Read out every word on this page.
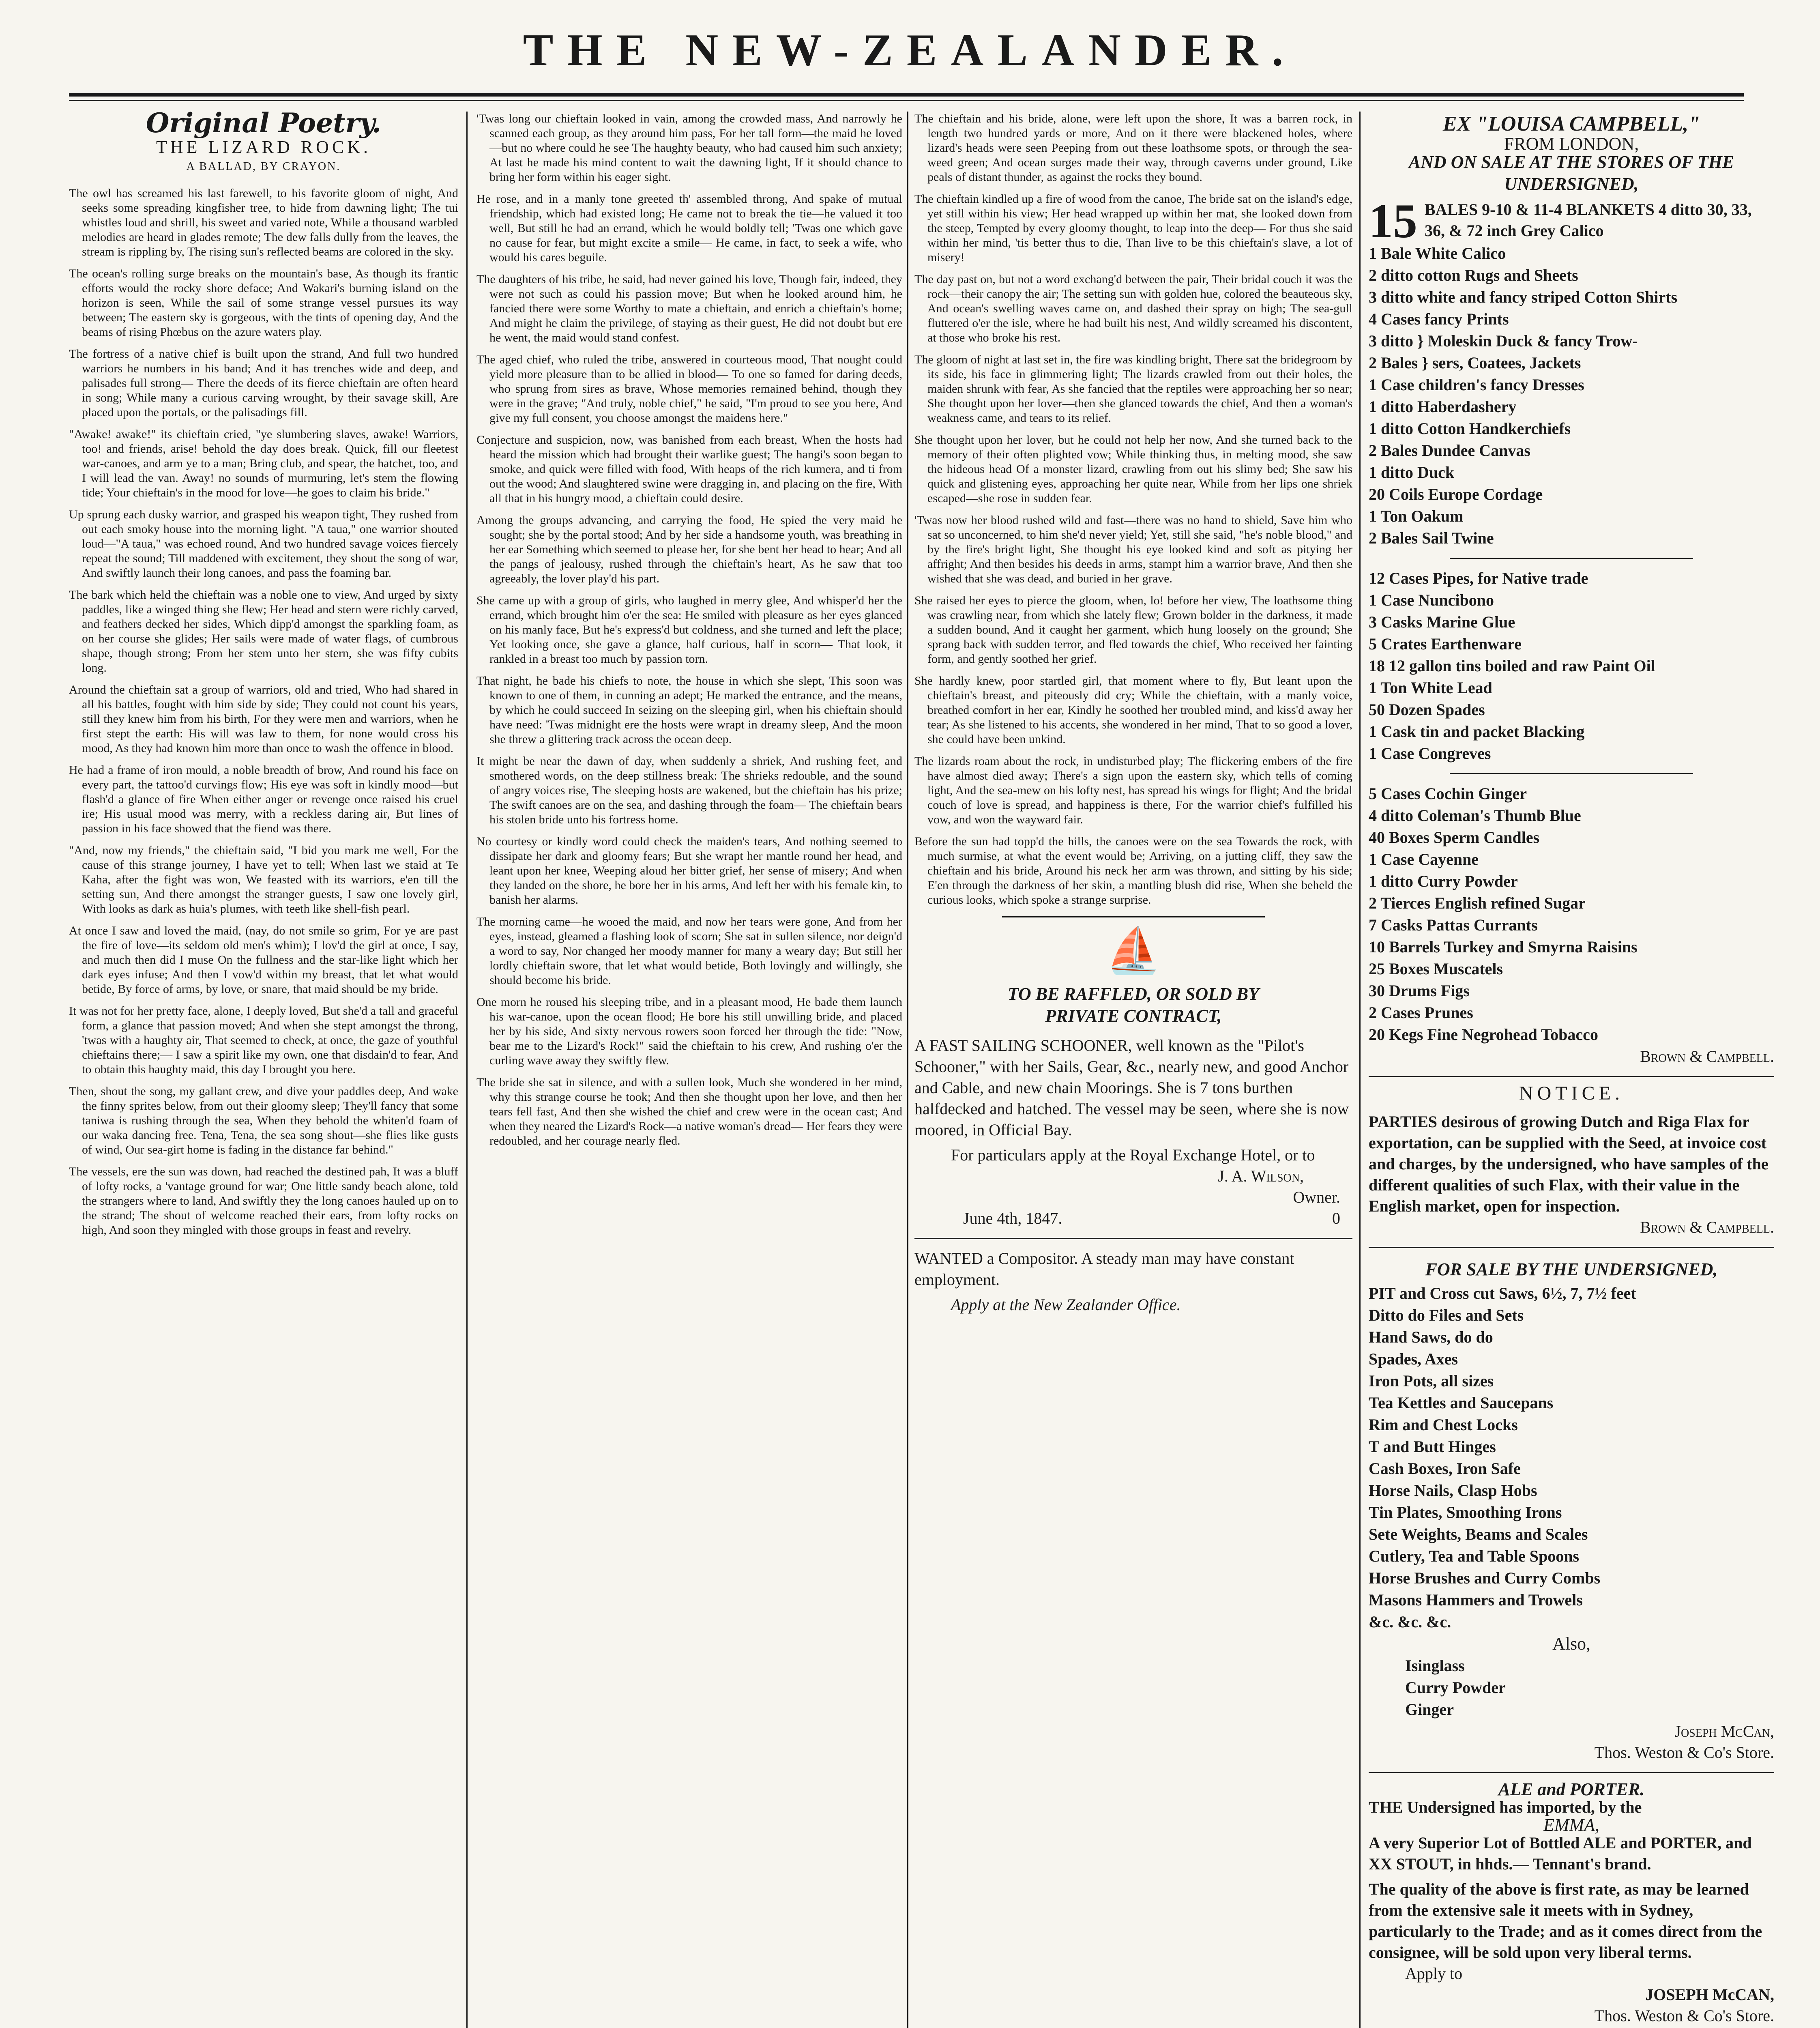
THE NEW-ZEALANDER.
Original Poetry.
THE LIZARD ROCK.
A BALLAD, BY CRAYON.
The owl has screamed his last farewell, to his favorite gloom of night, And seeks some spreading kingfisher tree, to hide from dawning light; The tui whistles loud and shrill, his sweet and varied note, While a thousand warbled melodies are heard in glades remote; The dew falls dully from the leaves, the stream is rippling by, The rising sun's reflected beams are colored in the sky.
The ocean's rolling surge breaks on the mountain's base, As though its frantic efforts would the rocky shore deface; And Wakari's burning island on the horizon is seen, While the sail of some strange vessel pursues its way between; The eastern sky is gorgeous, with the tints of opening day, And the beams of rising Phœbus on the azure waters play.
The fortress of a native chief is built upon the strand, And full two hundred warriors he numbers in his band; And it has trenches wide and deep, and palisades full strong— There the deeds of its fierce chieftain are often heard in song; While many a curious carving wrought, by their savage skill, Are placed upon the portals, or the palisadings fill.
"Awake! awake!" its chieftain cried, "ye slumbering slaves, awake! Warriors, too! and friends, arise! behold the day does break. Quick, fill our fleetest war-canoes, and arm ye to a man; Bring club, and spear, the hatchet, too, and I will lead the van. Away! no sounds of murmuring, let's stem the flowing tide; Your chieftain's in the mood for love—he goes to claim his bride."
Up sprung each dusky warrior, and grasped his weapon tight, They rushed from out each smoky house into the morning light. "A taua," one warrior shouted loud—"A taua," was echoed round, And two hundred savage voices fiercely repeat the sound; Till maddened with excitement, they shout the song of war, And swiftly launch their long canoes, and pass the foaming bar.
The bark which held the chieftain was a noble one to view, And urged by sixty paddles, like a winged thing she flew; Her head and stern were richly carved, and feathers decked her sides, Which dipp'd amongst the sparkling foam, as on her course she glides; Her sails were made of water flags, of cumbrous shape, though strong; From her stem unto her stern, she was fifty cubits long.
Around the chieftain sat a group of warriors, old and tried, Who had shared in all his battles, fought with him side by side; They could not count his years, still they knew him from his birth, For they were men and warriors, when he first stept the earth: His will was law to them, for none would cross his mood, As they had known him more than once to wash the offence in blood.
He had a frame of iron mould, a noble breadth of brow, And round his face on every part, the tattoo'd curvings flow; His eye was soft in kindly mood—but flash'd a glance of fire When either anger or revenge once raised his cruel ire; His usual mood was merry, with a reckless daring air, But lines of passion in his face showed that the fiend was there.
"And, now my friends," the chieftain said, "I bid you mark me well, For the cause of this strange journey, I have yet to tell; When last we staid at Te Kaha, after the fight was won, We feasted with its warriors, e'en till the setting sun, And there amongst the stranger guests, I saw one lovely girl, With looks as dark as huia's plumes, with teeth like shell-fish pearl.
At once I saw and loved the maid, (nay, do not smile so grim, For ye are past the fire of love—its seldom old men's whim); I lov'd the girl at once, I say, and much then did I muse On the fullness and the star-like light which her dark eyes infuse; And then I vow'd within my breast, that let what would betide, By force of arms, by love, or snare, that maid should be my bride.
It was not for her pretty face, alone, I deeply loved, But she'd a tall and graceful form, a glance that passion moved; And when she stept amongst the throng, 'twas with a haughty air, That seemed to check, at once, the gaze of youthful chieftains there;— I saw a spirit like my own, one that disdain'd to fear, And to obtain this haughty maid, this day I brought you here.
Then, shout the song, my gallant crew, and dive your paddles deep, And wake the finny sprites below, from out their gloomy sleep; They'll fancy that some taniwa is rushing through the sea, When they behold the whiten'd foam of our waka dancing free. Tena, Tena, the sea song shout—she flies like gusts of wind, Our sea-girt home is fading in the distance far behind."
The vessels, ere the sun was down, had reached the destined pah, It was a bluff of lofty rocks, a 'vantage ground for war; One little sandy beach alone, told the strangers where to land, And swiftly they the long canoes hauled up on to the strand; The shout of welcome reached their ears, from lofty rocks on high, And soon they mingled with those groups in feast and revelry.
'Twas long our chieftain looked in vain, among the crowded mass, And narrowly he scanned each group, as they around him pass, For her tall form—the maid he loved—but no where could he see The haughty beauty, who had caused him such anxiety; At last he made his mind content to wait the dawning light, If it should chance to bring her form within his eager sight.
He rose, and in a manly tone greeted th' assembled throng, And spake of mutual friendship, which had existed long; He came not to break the tie—he valued it too well, But still he had an errand, which he would boldly tell; 'Twas one which gave no cause for fear, but might excite a smile— He came, in fact, to seek a wife, who would his cares beguile.
The daughters of his tribe, he said, had never gained his love, Though fair, indeed, they were not such as could his passion move; But when he looked around him, he fancied there were some Worthy to mate a chieftain, and enrich a chieftain's home; And might he claim the privilege, of staying as their guest, He did not doubt but ere he went, the maid would stand confest.
The aged chief, who ruled the tribe, answered in courteous mood, That nought could yield more pleasure than to be allied in blood— To one so famed for daring deeds, who sprung from sires as brave, Whose memories remained behind, though they were in the grave; "And truly, noble chief," he said, "I'm proud to see you here, And give my full consent, you choose amongst the maidens here."
Conjecture and suspicion, now, was banished from each breast, When the hosts had heard the mission which had brought their warlike guest; The hangi's soon began to smoke, and quick were filled with food, With heaps of the rich kumera, and ti from out the wood; And slaughtered swine were dragging in, and placing on the fire, With all that in his hungry mood, a chieftain could desire.
Among the groups advancing, and carrying the food, He spied the very maid he sought; she by the portal stood; And by her side a handsome youth, was breathing in her ear Something which seemed to please her, for she bent her head to hear; And all the pangs of jealousy, rushed through the chieftain's heart, As he saw that too agreeably, the lover play'd his part.
She came up with a group of girls, who laughed in merry glee, And whisper'd her the errand, which brought him o'er the sea: He smiled with pleasure as her eyes glanced on his manly face, But he's express'd but coldness, and she turned and left the place; Yet looking once, she gave a glance, half curious, half in scorn— That look, it rankled in a breast too much by passion torn.
That night, he bade his chiefs to note, the house in which she slept, This soon was known to one of them, in cunning an adept; He marked the entrance, and the means, by which he could succeed In seizing on the sleeping girl, when his chieftain should have need: 'Twas midnight ere the hosts were wrapt in dreamy sleep, And the moon she threw a glittering track across the ocean deep.
It might be near the dawn of day, when suddenly a shriek, And rushing feet, and smothered words, on the deep stillness break: The shrieks redouble, and the sound of angry voices rise, The sleeping hosts are wakened, but the chieftain has his prize; The swift canoes are on the sea, and dashing through the foam— The chieftain bears his stolen bride unto his fortress home.
No courtesy or kindly word could check the maiden's tears, And nothing seemed to dissipate her dark and gloomy fears; But she wrapt her mantle round her head, and leant upon her knee, Weeping aloud her bitter grief, her sense of misery; And when they landed on the shore, he bore her in his arms, And left her with his female kin, to banish her alarms.
The morning came—he wooed the maid, and now her tears were gone, And from her eyes, instead, gleamed a flashing look of scorn; She sat in sullen silence, nor deign'd a word to say, Nor changed her moody manner for many a weary day; But still her lordly chieftain swore, that let what would betide, Both lovingly and willingly, she should become his bride.
One morn he roused his sleeping tribe, and in a pleasant mood, He bade them launch his war-canoe, upon the ocean flood; He bore his still unwilling bride, and placed her by his side, And sixty nervous rowers soon forced her through the tide: "Now, bear me to the Lizard's Rock!" said the chieftain to his crew, And rushing o'er the curling wave away they swiftly flew.
The bride she sat in silence, and with a sullen look, Much she wondered in her mind, why this strange course he took; And then she thought upon her love, and then her tears fell fast, And then she wished the chief and crew were in the ocean cast; And when they neared the Lizard's Rock—a native woman's dread— Her fears they were redoubled, and her courage nearly fled.
The chieftain and his bride, alone, were left upon the shore, It was a barren rock, in length two hundred yards or more, And on it there were blackened holes, where lizard's heads were seen Peeping from out these loathsome spots, or through the sea-weed green; And ocean surges made their way, through caverns under ground, Like peals of distant thunder, as against the rocks they bound.
The chieftain kindled up a fire of wood from the canoe, The bride sat on the island's edge, yet still within his view; Her head wrapped up within her mat, she looked down from the steep, Tempted by every gloomy thought, to leap into the deep— For thus she said within her mind, 'tis better thus to die, Than live to be this chieftain's slave, a lot of misery!
The day past on, but not a word exchang'd between the pair, Their bridal couch it was the rock—their canopy the air; The setting sun with golden hue, colored the beauteous sky, And ocean's swelling waves came on, and dashed their spray on high; The sea-gull fluttered o'er the isle, where he had built his nest, And wildly screamed his discontent, at those who broke his rest.
The gloom of night at last set in, the fire was kindling bright, There sat the bridegroom by its side, his face in glimmering light; The lizards crawled from out their holes, the maiden shrunk with fear, As she fancied that the reptiles were approaching her so near; She thought upon her lover—then she glanced towards the chief, And then a woman's weakness came, and tears to its relief.
She thought upon her lover, but he could not help her now, And she turned back to the memory of their often plighted vow; While thinking thus, in melting mood, she saw the hideous head Of a monster lizard, crawling from out his slimy bed; She saw his quick and glistening eyes, approaching her quite near, While from her lips one shriek escaped—she rose in sudden fear.
'Twas now her blood rushed wild and fast—there was no hand to shield, Save him who sat so unconcerned, to him she'd never yield; Yet, still she said, "he's noble blood," and by the fire's bright light, She thought his eye looked kind and soft as pitying her affright; And then besides his deeds in arms, stampt him a warrior brave, And then she wished that she was dead, and buried in her grave.
She raised her eyes to pierce the gloom, when, lo! before her view, The loathsome thing was crawling near, from which she lately flew; Grown bolder in the darkness, it made a sudden bound, And it caught her garment, which hung loosely on the ground; She sprang back with sudden terror, and fled towards the chief, Who received her fainting form, and gently soothed her grief.
She hardly knew, poor startled girl, that moment where to fly, But leant upon the chieftain's breast, and piteously did cry; While the chieftain, with a manly voice, breathed comfort in her ear, Kindly he soothed her troubled mind, and kiss'd away her tear; As she listened to his accents, she wondered in her mind, That to so good a lover, she could have been unkind.
The lizards roam about the rock, in undisturbed play; The flickering embers of the fire have almost died away; There's a sign upon the eastern sky, which tells of coming light, And the sea-mew on his lofty nest, has spread his wings for flight; And the bridal couch of love is spread, and happiness is there, For the warrior chief's fulfilled his vow, and won the wayward fair.
Before the sun had topp'd the hills, the canoes were on the sea Towards the rock, with much surmise, at what the event would be; Arriving, on a jutting cliff, they saw the chieftain and his bride, Around his neck her arm was thrown, and sitting by his side; E'en through the darkness of her skin, a mantling blush did rise, When she beheld the curious looks, which spoke a strange surprise.
⛵
TO BE RAFFLED, OR SOLD BY
PRIVATE CONTRACT,
A FAST SAILING SCHOONER, well known as the "Pilot's Schooner," with her Sails, Gear, &c., nearly new, and good Anchor and Cable, and new chain Moorings. She is 7 tons burthen halfdecked and hatched. The vessel may be seen, where she is now moored, in Official Bay.
For particulars apply at the Royal Exchange Hotel, or to
J. A. Wilson,
Owner.
June 4th, 1847.	0
WANTED a Compositor. A steady man may have constant employment.
Apply at the New Zealander Office.
EX "LOUISA CAMPBELL,"
FROM LONDON,
AND ON SALE AT THE STORES OF THE UNDERSIGNED,
15 BALES 9-10 & 11-4 BLANKETS 4 ditto 30, 33, 36, & 72 inch Grey Calico
1 Bale White Calico
2 ditto cotton Rugs and Sheets
3 ditto white and fancy striped Cotton Shirts
4 Cases fancy Prints
3 ditto } Moleskin Duck & fancy Trow-
2 Bales } sers, Coatees, Jackets
1 Case children's fancy Dresses
1 ditto Haberdashery
1 ditto Cotton Handkerchiefs
2 Bales Dundee Canvas
1 ditto Duck
20 Coils Europe Cordage
1 Ton Oakum
2 Bales Sail Twine
12 Cases Pipes, for Native trade
1 Case Nuncibono
3 Casks Marine Glue
5 Crates Earthenware
18 12 gallon tins boiled and raw Paint Oil
1 Ton White Lead
50 Dozen Spades
1 Cask tin and packet Blacking
1 Case Congreves
5 Cases Cochin Ginger
4 ditto Coleman's Thumb Blue
40 Boxes Sperm Candles
1 Case Cayenne
1 ditto Curry Powder
2 Tierces English refined Sugar
7 Casks Pattas Currants
10 Barrels Turkey and Smyrna Raisins
25 Boxes Muscatels
30 Drums Figs
2 Cases Prunes
20 Kegs Fine Negrohead Tobacco
Brown & Campbell.
NOTICE.
PARTIES desirous of growing Dutch and Riga Flax for exportation, can be supplied with the Seed, at invoice cost and charges, by the undersigned, who have samples of the different qualities of such Flax, with their value in the English market, open for inspection.
Brown & Campbell.
FOR SALE BY THE UNDERSIGNED,
PIT and Cross cut Saws, 6½, 7, 7½ feet
Ditto do Files and Sets
Hand Saws, do do
Spades, Axes
Iron Pots, all sizes
Tea Kettles and Saucepans
Rim and Chest Locks
T and Butt Hinges
Cash Boxes, Iron Safe
Horse Nails, Clasp Hobs
Tin Plates, Smoothing Irons
Sete Weights, Beams and Scales
Cutlery, Tea and Table Spoons
Horse Brushes and Curry Combs
Masons Hammers and Trowels
&c. &c. &c.
Also,
Isinglass
Curry Powder
Ginger
Joseph McCan,
Thos. Weston & Co's Store.
ALE and PORTER.
THE Undersigned has imported, by the
EMMA,
A very Superior Lot of Bottled ALE and PORTER, and XX STOUT, in hhds.— Tennant's brand.
The quality of the above is first rate, as may be learned from the extensive sale it meets with in Sydney, particularly to the Trade; and as it comes direct from the consignee, will be sold upon very liberal terms.
Apply to
JOSEPH McCAN,
Thos. Weston & Co's Store.
